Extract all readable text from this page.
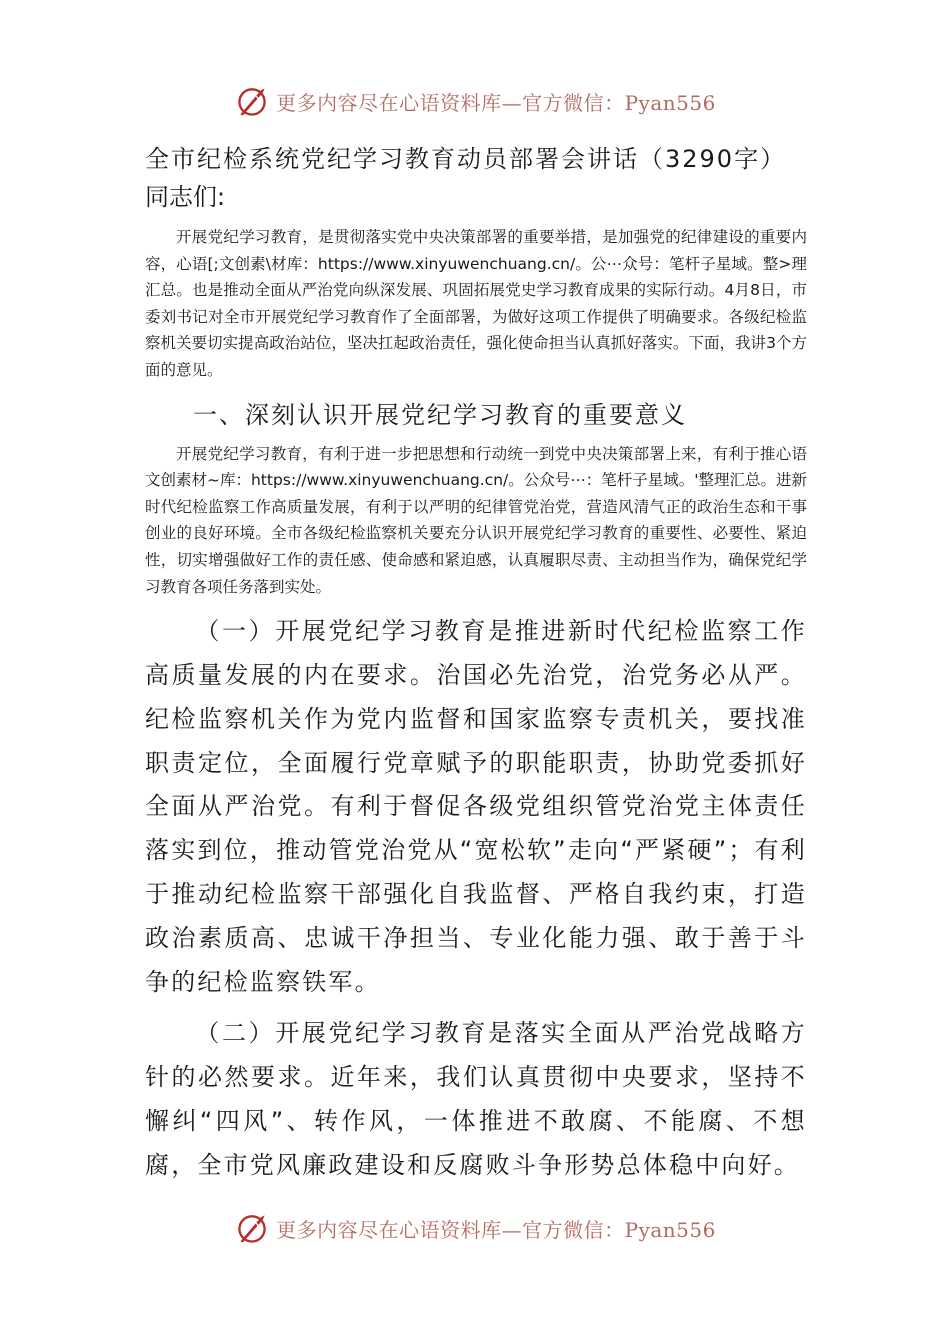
更多内容尽在心语资料库—官方微信：Pyan556
全市纪检系统党纪学习教育动员部署会讲话（3290字）

同志们:

开展党纪学习教育，是贯彻落实党中央决策部署的重要举措，是加强党的纪律建设的重要内容，心语[;文创素\材库：https://www.xinyuwenchuang.cn/。公⋯众号：笔杆子星域。整>理汇总。也是推动全面从严治党向纵深发展、巩固拓展党史学习教育成果的实际行动。4月8日，市委刘书记对全市开展党纪学习教育作了全面部署，为做好这项工作提供了明确要求。各级纪检监察机关要切实提高政治站位，坚决扛起政治责任，强化使命担当认真抓好落实。下面，我讲3个方面的意见。

一、深刻认识开展党纪学习教育的重要意义

开展党纪学习教育，有利于进一步把思想和行动统一到党中央决策部署上来，有利于推心语文创素材~库：https://www.xinyuwenchuang.cn/。公众号⋯：笔杆子星域。'整理汇总。进新时代纪检监察工作高质量发展，有利于以严明的纪律管党治党，营造风清气正的政治生态和干事创业的良好环境。全市各级纪检监察机关要充分认识开展党纪学习教育的重要性、必要性、紧迫性，切实增强做好工作的责任感、使命感和紧迫感，认真履职尽责、主动担当作为，确保党纪学习教育各项任务落到实处。

（一）开展党纪学习教育是推进新时代纪检监察工作高质量发展的内在要求。治国必先治党，治党务必从严。纪检监察机关作为党内监督和国家监察专责机关，要找准职责定位，全面履行党章赋予的职能职责，协助党委抓好全面从严治党。有利于督促各级党组织管党治党主体责任落实到位，推动管党治党从“宽松软”走向“严紧硬”；有利于推动纪检监察干部强化自我监督、严格自我约束，打造政治素质高、忠诚干净担当、专业化能力强、敢于善于斗争的纪检监察铁军。

（二）开展党纪学习教育是落实全面从严治党战略方针的必然要求。近年来，我们认真贯彻中央要求，坚持不懈纠“四风”、转作风，一体推进不敢腐、不能腐、不想腐，全市党风廉政建设和反腐败斗争形势总体稳中向好。

更多内容尽在心语资料库—官方微信：Pyan556
